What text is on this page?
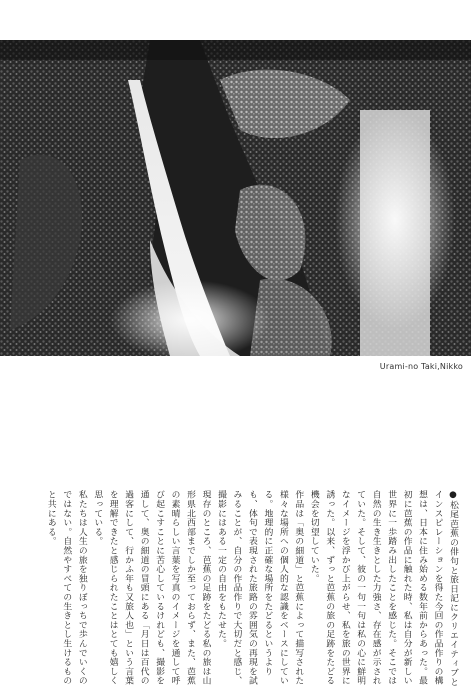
Urami-no Taki,Nikko

●松尾芭蕉の俳句と旅日記にクリエイティブとインスピレーションを得た今回の作品作りの構想は、日本に住み始める数年前からあった。最初に芭蕉の作品に触れた時、私は自分が新しい世界に一歩踏み出したことを感じた。そこでは自然の生き生きとした力強さ、存在感が示されていた。そして、彼の一句一句は私の心に鮮明なイメージを浮かび上がらせ、私を旅の世界に誘った。以来、ずっと芭蕉の旅の足跡をたどる機会を切望していた。

作品は「奥の細道」と芭蕉によって描写された様々な場所への個人的な認識をベースにしている。地理的に正確な場所をたどるというよりも、体句で表現された旅路の雰囲気の再現を試みることが、自分の作品作りで大切だと感じ、撮影にはある一定の自由をもたせた。

現存のところ、芭蕉の足跡をたどる私の旅は山形県北西部までしか至っておらず、また、芭蕉の素晴らしい言葉を写真のイメージを通して呼び起こすことに苦心しているけれども、撮影を通して、奥の細道の冒頭にある「月日は百代の過客にして、行かふ年も又旅人也」という言葉を理解できたと感じられたことはとても嬉しく思っている。

私たちは人生の旅を独りぼっちで歩んでいくのではない。自然やすべての生きとし生けるものと共にある。
